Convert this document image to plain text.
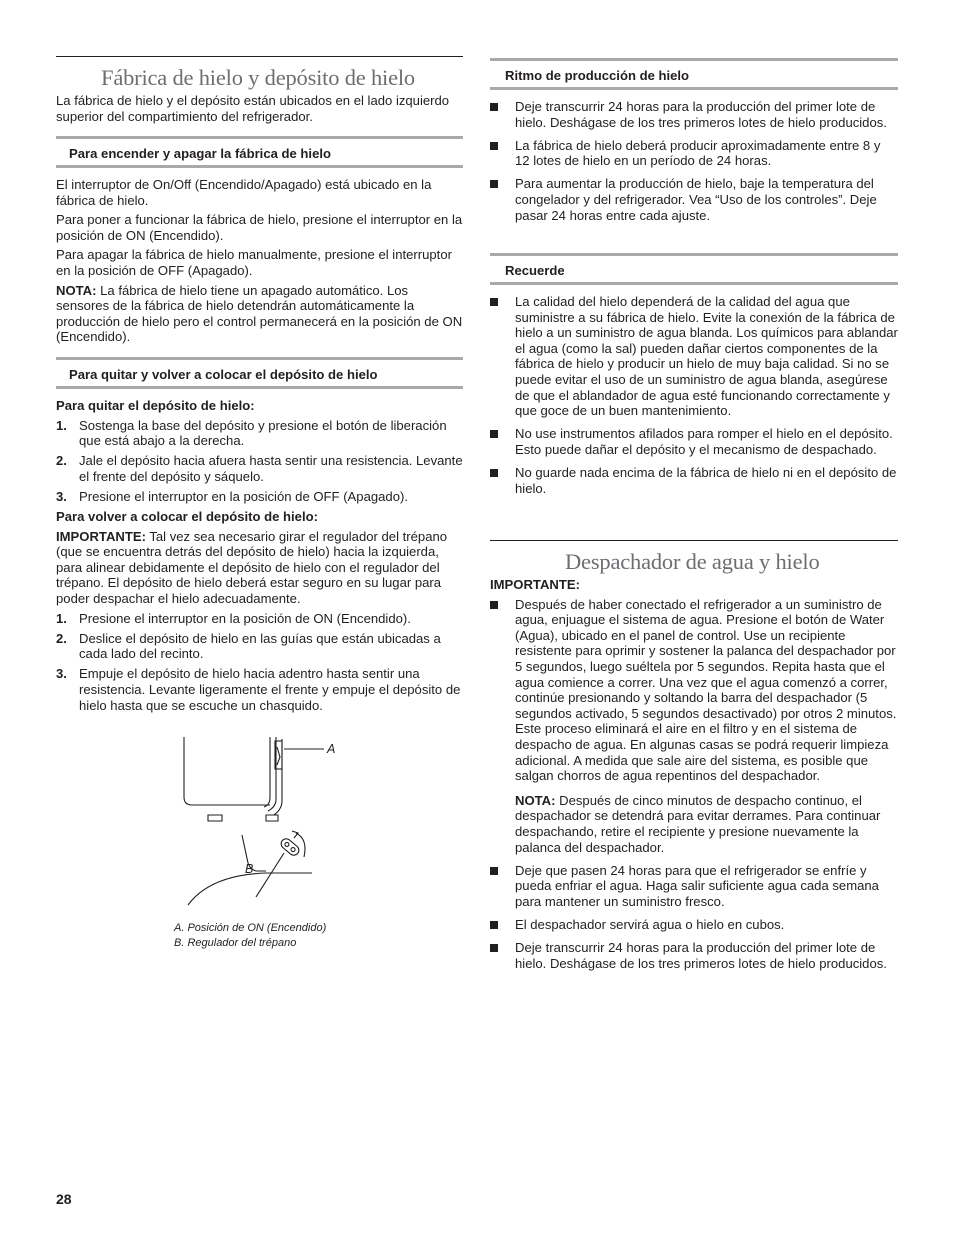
Fábrica de hielo y depósito de hielo

La fábrica de hielo y el depósito están ubicados en el lado izquierdo superior del compartimiento del refrigerador.

Para encender y apagar la fábrica de hielo

El interruptor de On/Off (Encendido/Apagado) está ubicado en la fábrica de hielo.

Para poner a funcionar la fábrica de hielo, presione el interruptor en la posición de ON (Encendido).

Para apagar la fábrica de hielo manualmente, presione el interruptor en la posición de OFF (Apagado).

NOTA: La fábrica de hielo tiene un apagado automático. Los sensores de la fábrica de hielo detendrán automáticamente la producción de hielo pero el control permanecerá en la posición de ON (Encendido).

Para quitar y volver a colocar el depósito de hielo

Para quitar el depósito de hielo:

1. Sostenga la base del depósito y presione el botón de liberación que está abajo a la derecha.
2. Jale el depósito hacia afuera hasta sentir una resistencia. Levante el frente del depósito y sáquelo.
3. Presione el interruptor en la posición de OFF (Apagado).

Para volver a colocar el depósito de hielo:

IMPORTANTE: Tal vez sea necesario girar el regulador del trépano (que se encuentra detrás del depósito de hielo) hacia la izquierda, para alinear debidamente el depósito de hielo con el regulador del trépano. El depósito de hielo deberá estar seguro en su lugar para poder despachar el hielo adecuadamente.

1. Presione el interruptor en la posición de ON (Encendido).
2. Deslice el depósito de hielo en las guías que están ubicadas a cada lado del recinto.
3. Empuje el depósito de hielo hacia adentro hasta sentir una resistencia. Levante ligeramente el frente y empuje el depósito de hielo hasta que se escuche un chasquido.
A
B
A. Posición de ON (Encendido)
B. Regulador del trépano
Ritmo de producción de hielo
Deje transcurrir 24 horas para la producción del primer lote de hielo. Deshágase de los tres primeros lotes de hielo producidos.
La fábrica de hielo deberá producir aproximadamente entre 8 y 12 lotes de hielo en un período de 24 horas.
Para aumentar la producción de hielo, baje la temperatura del congelador y del refrigerador. Vea “Uso de los controles”. Deje pasar 24 horas entre cada ajuste.
Recuerde
La calidad del hielo dependerá de la calidad del agua que suministre a su fábrica de hielo. Evite la conexión de la fábrica de hielo a un suministro de agua blanda. Los químicos para ablandar el agua (como la sal) pueden dañar ciertos componentes de la fábrica de hielo y producir un hielo de muy baja calidad. Si no se puede evitar el uso de un suministro de agua blanda, asegúrese de que el ablandador de agua esté funcionando correctamente y que goce de un buen mantenimiento.
No use instrumentos afilados para romper el hielo en el depósito. Esto puede dañar el depósito y el mecanismo de despachado.
No guarde nada encima de la fábrica de hielo ni en el depósito de hielo.
Despachador de agua y hielo

IMPORTANTE:

Después de haber conectado el refrigerador a un suministro de agua, enjuague el sistema de agua. Presione el botón de Water (Agua), ubicado en el panel de control. Use un recipiente resistente para oprimir y sostener la palanca del despachador por 5 segundos, luego suéltela por 5 segundos. Repita hasta que el agua comience a correr. Una vez que el agua comenzó a correr, continúe presionando y soltando la barra del despachador (5 segundos activado, 5 segundos desactivado) por otros 2 minutos. Este proceso eliminará el aire en el filtro y en el sistema de despacho de agua. En algunas casas se podrá requerir limpieza adicional. A medida que sale aire del sistema, es posible que salgan chorros de agua repentinos del despachador.

NOTA: Después de cinco minutos de despacho continuo, el despachador se detendrá para evitar derrames. Para continuar despachando, retire el recipiente y presione nuevamente la palanca del despachador.

Deje que pasen 24 horas para que el refrigerador se enfríe y pueda enfriar el agua. Haga salir suficiente agua cada semana para mantener un suministro fresco.
El despachador servirá agua o hielo en cubos.
Deje transcurrir 24 horas para la producción del primer lote de hielo. Deshágase de los tres primeros lotes de hielo producidos.
28
